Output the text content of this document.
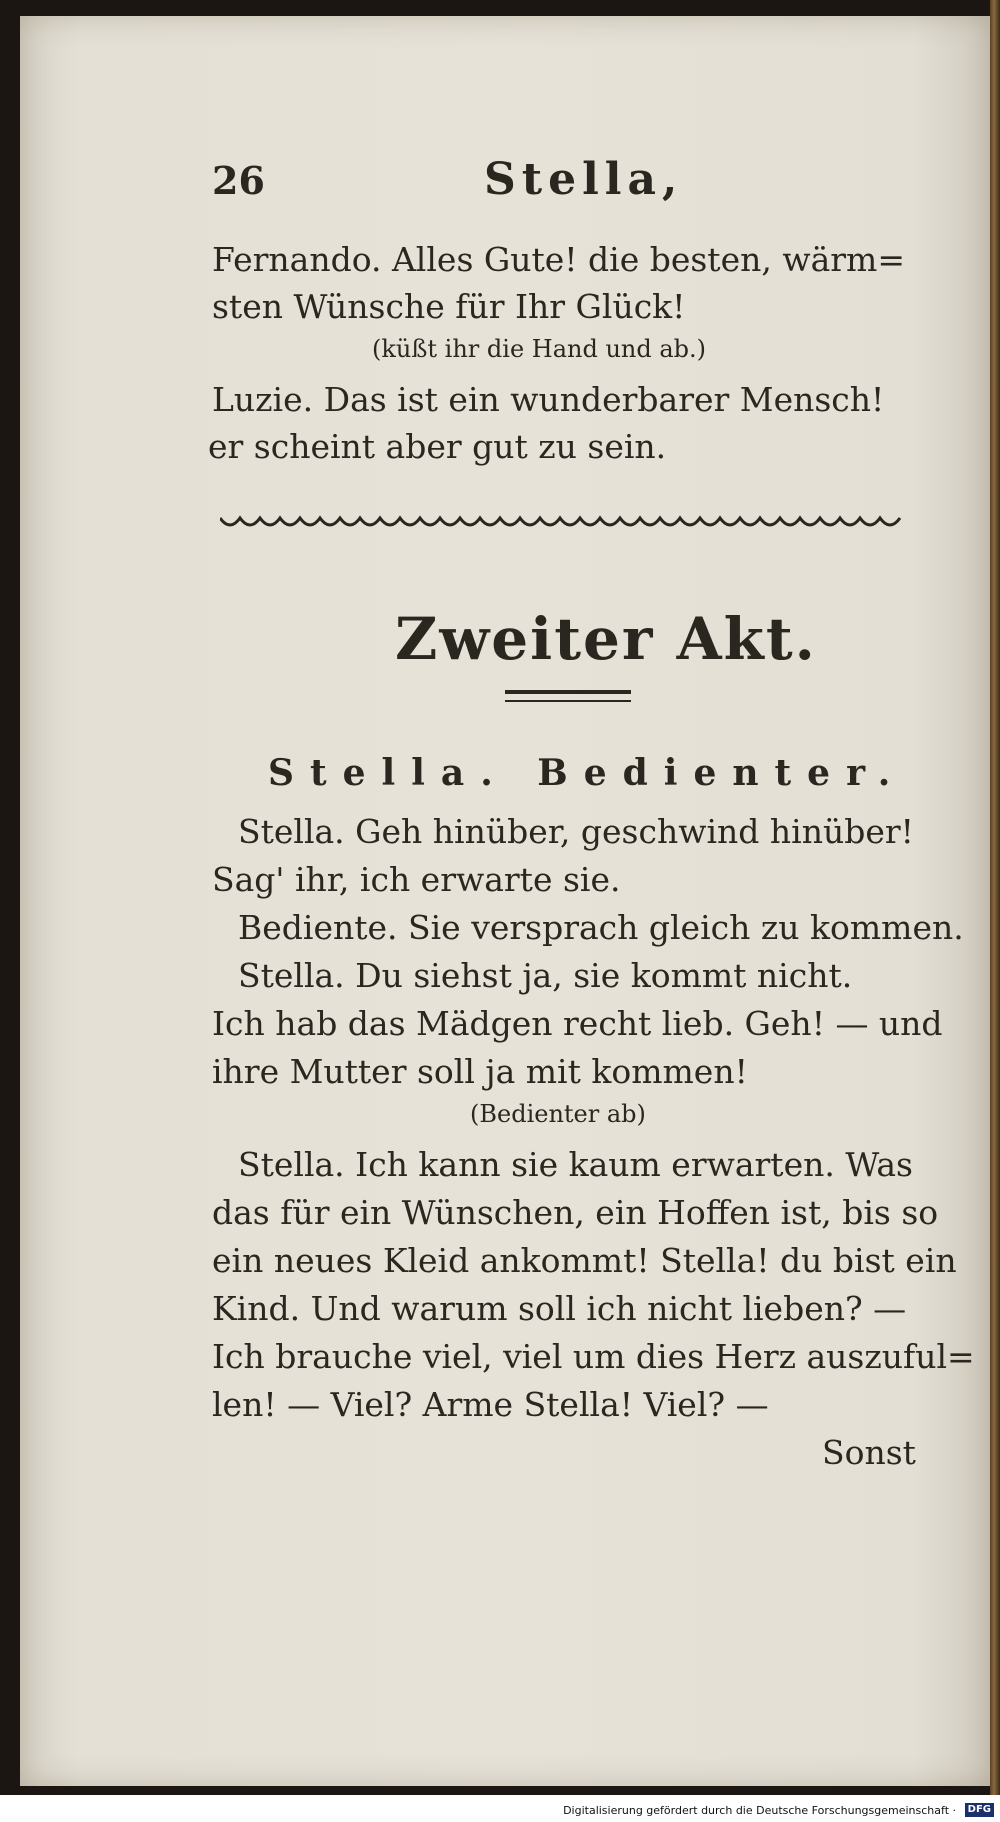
26	Stella,
Fernando. Alles Gute! die besten, wärm=
sten Wünsche für Ihr Glück!
(küßt ihr die Hand und ab.)
Luzie. Das ist ein wunderbarer Mensch!
er scheint aber gut zu sein.
Zweiter Akt.
Stella. Bedienter.
Stella. Geh hinüber, geschwind hinüber!
Sag' ihr, ich erwarte sie.
Bediente. Sie versprach gleich zu kommen.
Stella. Du siehst ja, sie kommt nicht.
Ich hab das Mädgen recht lieb. Geh! — und
ihre Mutter soll ja mit kommen!
(Bedienter ab)
Stella. Ich kann sie kaum erwarten. Was
das für ein Wünschen, ein Hoffen ist, bis so
ein neues Kleid ankommt! Stella! du bist ein
Kind. Und warum soll ich nicht lieben? —
Ich brauche viel, viel um dies Herz auszuful=
len! — Viel? Arme Stella! Viel? —
Sonst
Digitalisierung gefördert durch die Deutsche Forschungsgemeinschaft ·	DFG
